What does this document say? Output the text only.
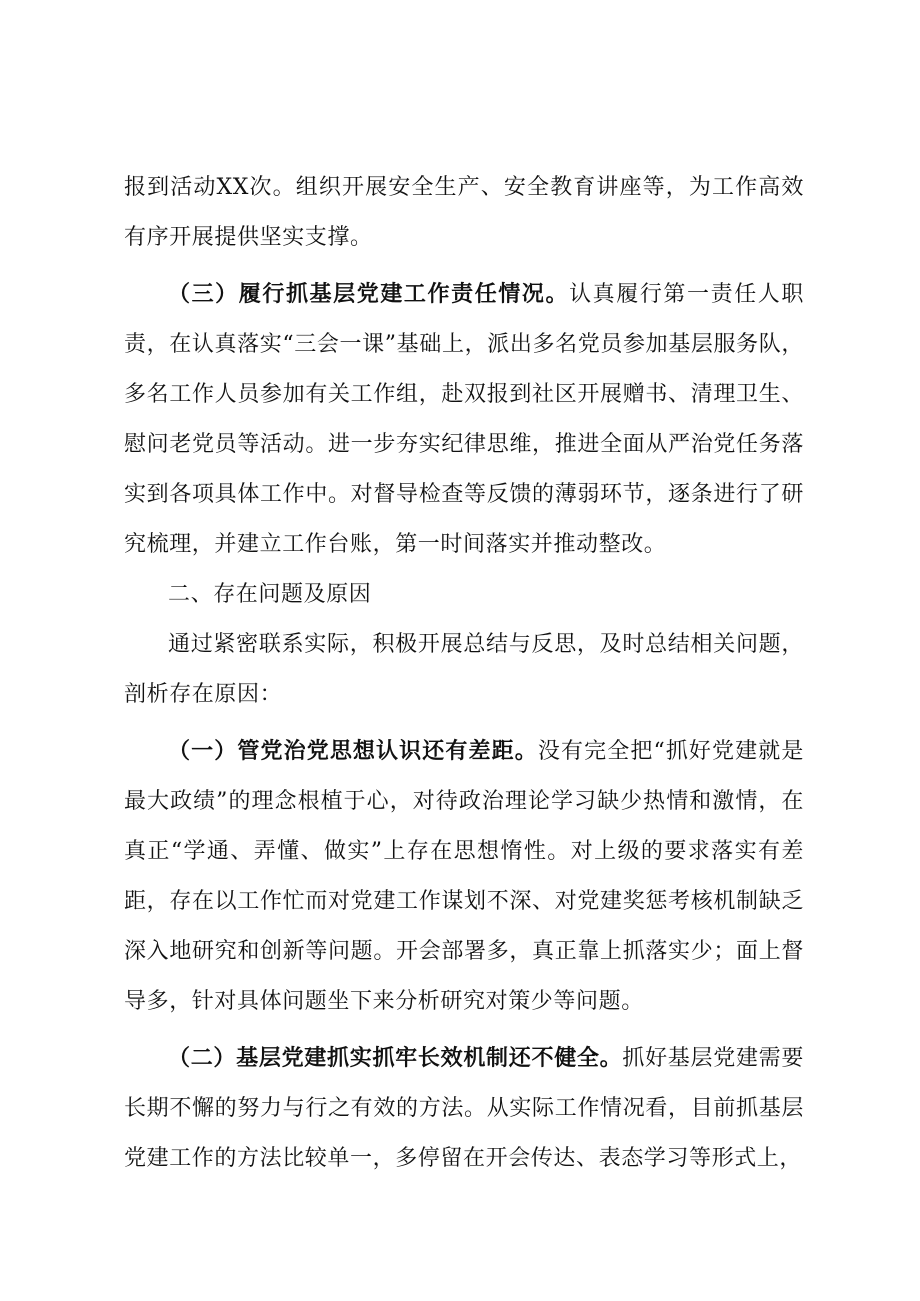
报到活动XX次。组织开展安全生产、安全教育讲座等，为工作高效有序开展提供坚实支撑。

（三）履行抓基层党建工作责任情况。认真履行第一责任人职责，在认真落实“三会一课”基础上，派出多名党员参加基层服务队，多名工作人员参加有关工作组，赴双报到社区开展赠书、清理卫生、慰问老党员等活动。进一步夯实纪律思维，推进全面从严治党任务落实到各项具体工作中。对督导检查等反馈的薄弱环节，逐条进行了研究梳理，并建立工作台账，第一时间落实并推动整改。

二、存在问题及原因

通过紧密联系实际，积极开展总结与反思，及时总结相关问题，剖析存在原因：

（一）管党治党思想认识还有差距。没有完全把“抓好党建就是最大政绩”的理念根植于心，对待政治理论学习缺少热情和激情，在真正“学通、弄懂、做实”上存在思想惰性。对上级的要求落实有差距，存在以工作忙而对党建工作谋划不深、对党建奖惩考核机制缺乏深入地研究和创新等问题。开会部署多，真正靠上抓落实少；面上督导多，针对具体问题坐下来分析研究对策少等问题。

（二）基层党建抓实抓牢长效机制还不健全。抓好基层党建需要长期不懈的努力与行之有效的方法。从实际工作情况看，目前抓基层党建工作的方法比较单一，多停留在开会传达、表态学习等形式上，
